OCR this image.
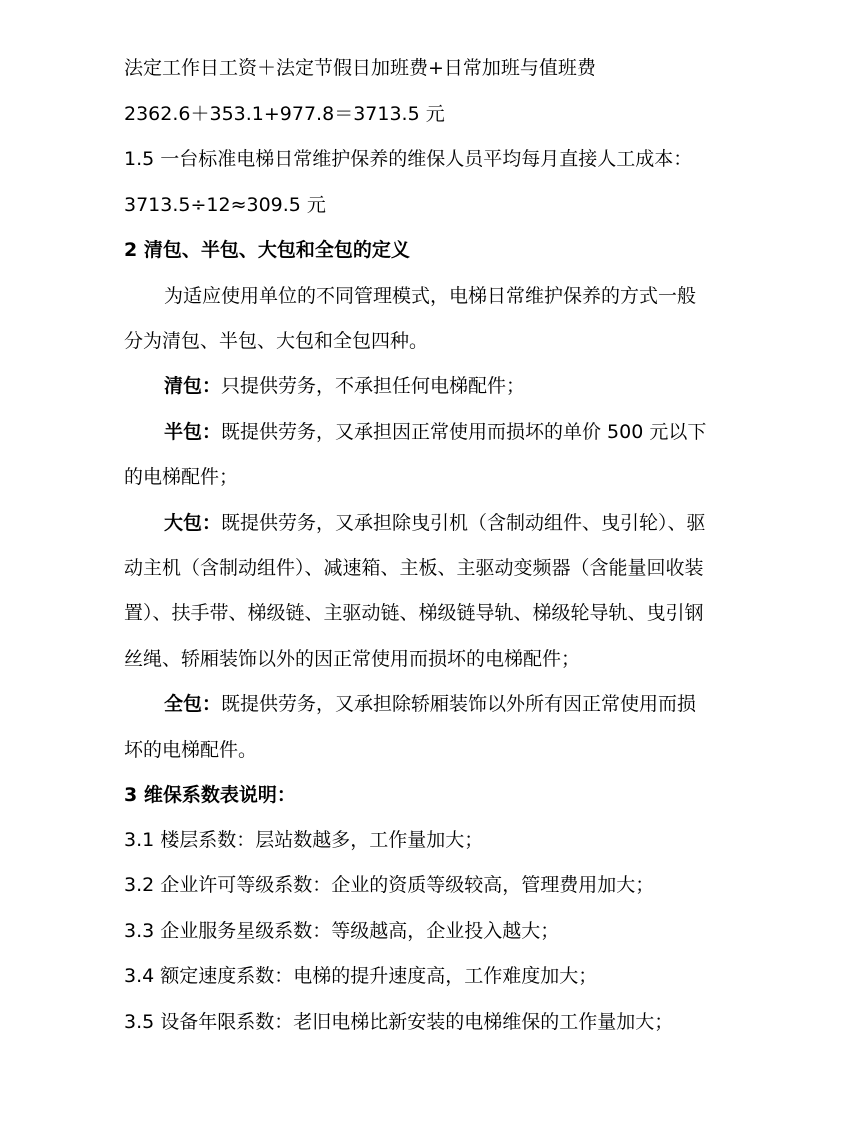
法定工作日工资＋法定节假日加班费+日常加班与值班费
2362.6＋353.1+977.8＝3713.5 元
1.5 一台标准电梯日常维护保养的维保人员平均每月直接人工成本：
3713.5÷12≈309.5 元
2 清包、半包、大包和全包的定义
为适应使用单位的不同管理模式，电梯日常维护保养的方式一般
分为清包、半包、大包和全包四种。
清包：只提供劳务，不承担任何电梯配件；
半包：既提供劳务，又承担因正常使用而损坏的单价 500 元以下
的电梯配件；
大包：既提供劳务，又承担除曳引机（含制动组件、曳引轮）、驱
动主机（含制动组件）、减速箱、主板、主驱动变频器（含能量回收装
置）、扶手带、梯级链、主驱动链、梯级链导轨、梯级轮导轨、曳引钢
丝绳、轿厢装饰以外的因正常使用而损坏的电梯配件；
全包：既提供劳务，又承担除轿厢装饰以外所有因正常使用而损
坏的电梯配件。
3 维保系数表说明：
3.1 楼层系数：层站数越多，工作量加大；
3.2 企业许可等级系数：企业的资质等级较高，管理费用加大；
3.3 企业服务星级系数：等级越高，企业投入越大；
3.4 额定速度系数：电梯的提升速度高，工作难度加大；
3.5 设备年限系数：老旧电梯比新安装的电梯维保的工作量加大；
